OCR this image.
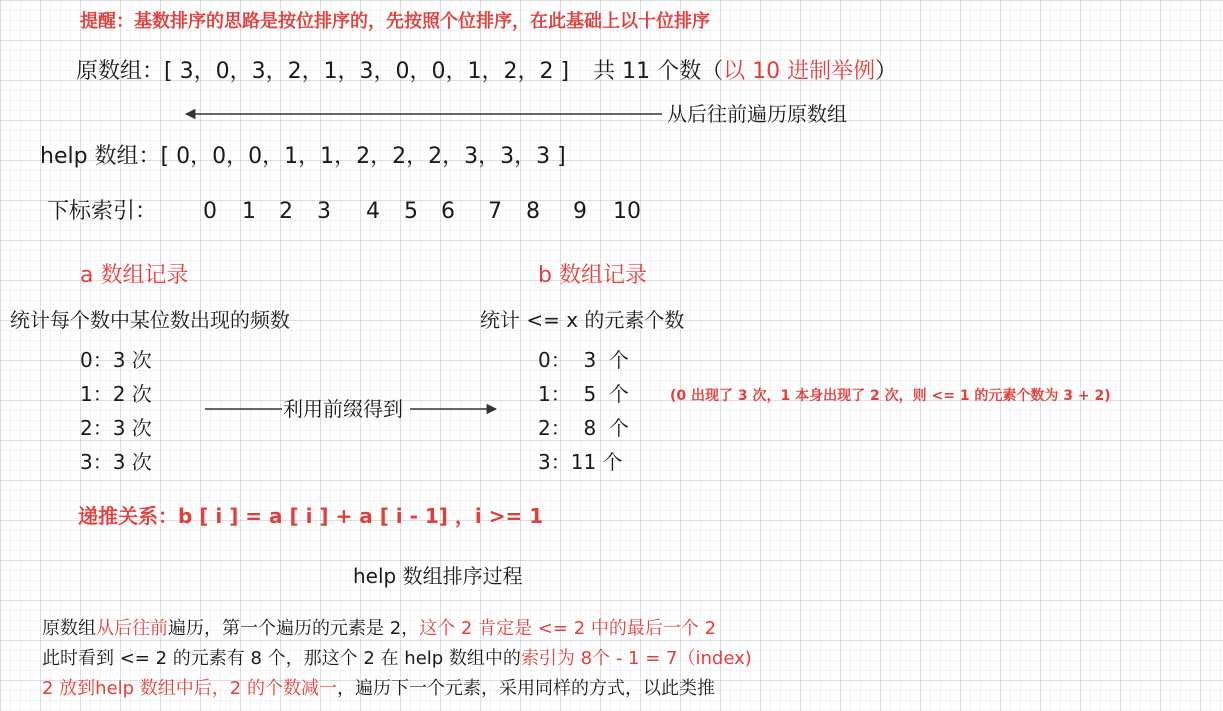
提醒：基数排序的思路是按位排序的，先按照个位排序，在此基础上以十位排序
原数组：[ 3，0，3，2，1，3，0，0，1，2，2 ] 共 11 个数（以 10 进制举例）
从后往前遍历原数组
help 数组：[ 0，0，0，1，1，2，2，2，3，3，3 ]
下标索引： 0 1 2 3 4 5 6 7 8 9 10
a 数组记录
统计每个数中某位数出现的频数
0：3 次
1：2 次
2：3 次
3：3 次
利用前缀得到
b 数组记录
统计 <= x 的元素个数
0：  3  个
1：  5  个
2：  8  个
3：11 个
(0 出现了 3 次，1 本身出现了 2 次，则 <= 1 的元素个数为 3 + 2)
递推关系：b [ i ] = a [ i ] + a [ i - 1] ，i >= 1
help 数组排序过程
原数组从后往前遍历，第一个遍历的元素是 2，这个 2 肯定是 <= 2 中的最后一个 2
此时看到 <= 2 的元素有 8 个，那这个 2 在 help 数组中的索引为 8个 - 1 = 7（index)
2 放到help 数组中后，2 的个数减一，遍历下一个元素，采用同样的方式，以此类推
